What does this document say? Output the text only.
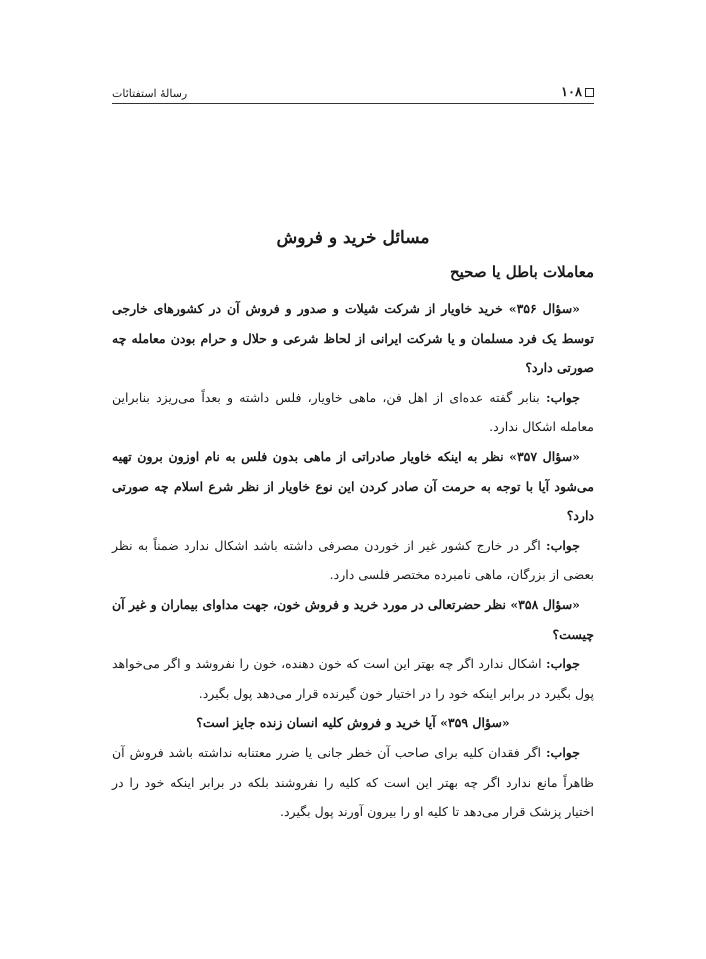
۱۰۸
رسالۀ استفتائات
مسائل خرید و فروش
معاملات باطل یا صحیح

«سؤال ۳۵۶» خرید خاویار از شرکت شیلات و صدور و فروش آن در کشورهای خارجی توسط یک فرد مسلمان و یا شرکت ایرانی از لحاظ شرعی و حلال و حرام بودن معامله چه صورتی دارد؟

جواب: بنابر گفته عده‌ای از اهل فن، ماهی خاویار، فلس داشته و بعداً می‌ریزد بنابراین معامله اشکال ندارد.

«سؤال ۳۵۷» نظر به اینکه خاویار صادراتی از ماهی بدون فلس به نام اوزون برون تهیه می‌شود آیا با توجه به حرمت آن صادر کردن این نوع خاویار از نظر شرع اسلام چه صورتی دارد؟

جواب: اگر در خارج کشور غیر از خوردن مصرفی داشته باشد اشکال ندارد ضمناً به نظر بعضی از بزرگان، ماهی نامبرده مختصر فلسی دارد.

«سؤال ۳۵۸» نظر حضرتعالی در مورد خرید و فروش خون، جهت مداوای بیماران و غیر آن چیست؟

جواب: اشکال ندارد اگر چه بهتر این است که خون دهنده، خون را نفروشد و اگر می‌خواهد پول بگیرد در برابر اینکه خود را در اختیار خون گیرنده قرار می‌دهد پول بگیرد.

«سؤال ۳۵۹» آیا خرید و فروش کلیه انسان زنده جایز است؟

جواب: اگر فقدان کلیه برای صاحب آن خطر جانی یا ضرر معتنابه نداشته باشد فروش آن ظاهراً مانع ندارد اگر چه بهتر این است که کلیه را نفروشند بلکه در برابر اینکه خود را در اختیار پزشک قرار می‌دهد تا کلیه او را بیرون آورند پول بگیرد.
